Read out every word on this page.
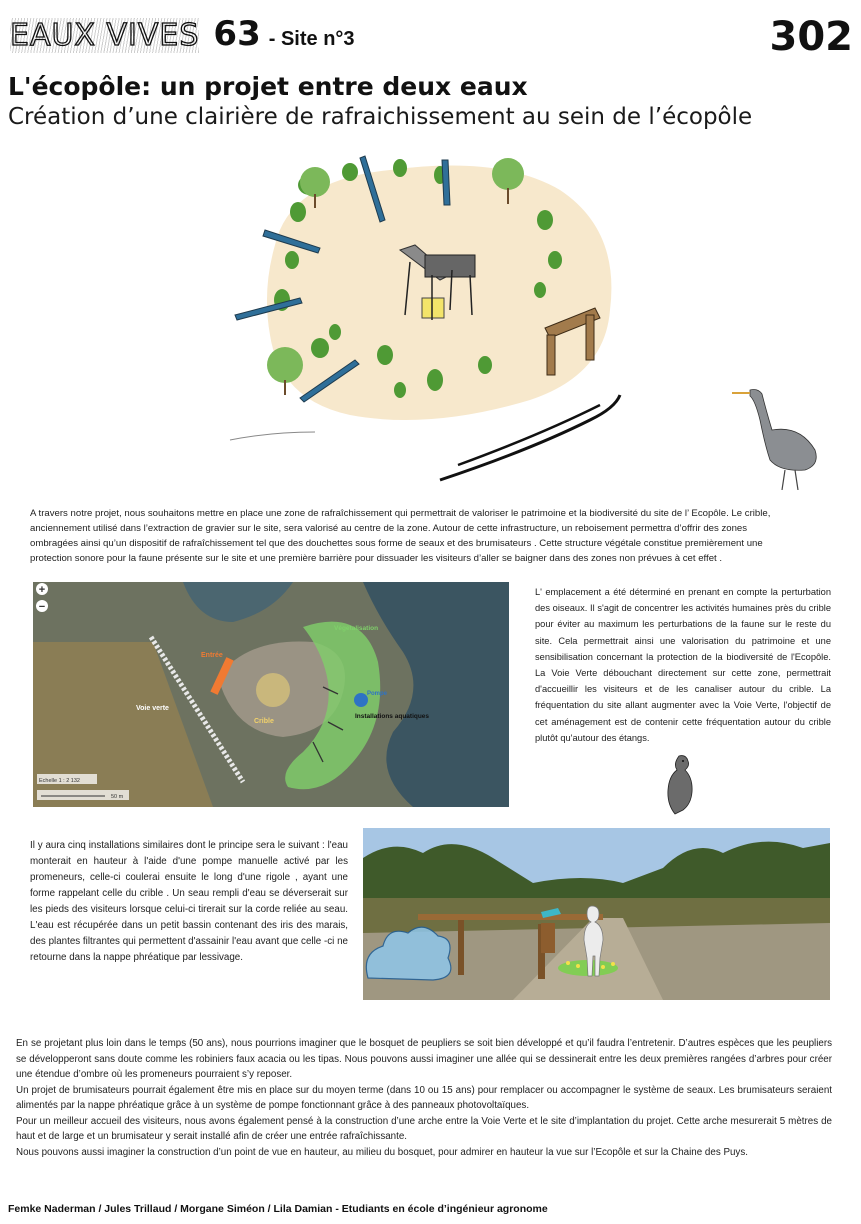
EAUX VIVES 63 - Site n°3	302
L'écopôle: un projet entre deux eaux
Création d’une clairière de rafraichissement au sein de l’écopôle
A travers notre projet, nous souhaitons mettre en place une zone de rafraîchissement qui permettrait de valoriser le patrimoine et la biodiversité du site de l’ Ecopôle. Le crible,
anciennement utilisé dans l’extraction de gravier sur le site, sera valorisé au centre de la zone. Autour de cette infrastructure, un reboisement permettra d’offrir des zones
ombragées ainsi qu’un dispositif de rafraîchissement tel que des douchettes sous forme de seaux et des brumisateurs . Cette structure végétale constitue premièrement une
protection sonore pour la faune présente sur le site et une première barrière pour dissuader les visiteurs d’aller se baigner dans des zones non prévues à cet effet .
+
−
Végétalisation
Entrée
Voie verte
Crible
Installations aquatiques
Pompe
Echelle 1 : 2 132
50 m
L' emplacement a été déterminé en prenant en compte la perturbation des oiseaux. Il s'agit de concentrer les activités humaines près du crible pour éviter au maximum les perturbations de la faune sur le reste du site. Cela permettrait ainsi une valorisation du patrimoine et une sensibilisation concernant la protection de la biodiversité de l'Ecopôle. La Voie Verte débouchant directement sur cette zone, permettrait d'accueillir les visiteurs et de les canaliser autour du crible. La fréquentation du site allant augmenter avec la Voie Verte, l'objectif de cet aménagement est de contenir cette fréquentation autour du crible plutôt qu'autour des étangs.
Il y aura cinq installations similaires dont le principe sera le suivant : l'eau monterait en hauteur à l'aide d'une pompe manuelle activé par les promeneurs, celle-ci coulerai ensuite le long d'une rigole , ayant une forme rappelant celle du crible . Un seau rempli d'eau se déverserait sur les pieds des visiteurs lorsque celui-ci tirerait sur la corde reliée au seau. L'eau est récupérée dans un petit bassin contenant des iris des marais, des plantes filtrantes qui permettent d'assainir l'eau avant que celle -ci ne retourne dans la nappe phréatique par lessivage.
En se projetant plus loin dans le temps (50 ans), nous pourrions imaginer que le bosquet de peupliers se soit bien développé et qu’il faudra l’entretenir. D’autres espèces que les peupliers se développeront sans doute comme les robiniers faux acacia ou les tipas. Nous pouvons aussi imaginer une allée qui se dessinerait entre les deux premières rangées d’arbres pour créer une étendue d’ombre où les promeneurs pourraient s’y reposer.
Un projet de brumisateurs pourrait également être mis en place sur du moyen terme (dans 10 ou 15 ans) pour remplacer ou accompagner le système de seaux. Les brumisateurs seraient alimentés par la nappe phréatique grâce à un système de pompe fonctionnant grâce à des panneaux photovoltaïques.
Pour un meilleur accueil des visiteurs, nous avons également pensé à la construction d’une arche entre la Voie Verte et le site d’implantation du projet. Cette arche mesurerait 5 mètres de haut et de large et un brumisateur y serait installé afin de créer une entrée rafraîchissante.
Nous pouvons aussi imaginer la construction d’un point de vue en hauteur, au milieu du bosquet, pour admirer en hauteur la vue sur l’Ecopôle et sur la Chaine des Puys.
Femke Naderman / Jules Trillaud / Morgane Siméon / Lila Damian - Etudiants en école d’ingénieur agronome
